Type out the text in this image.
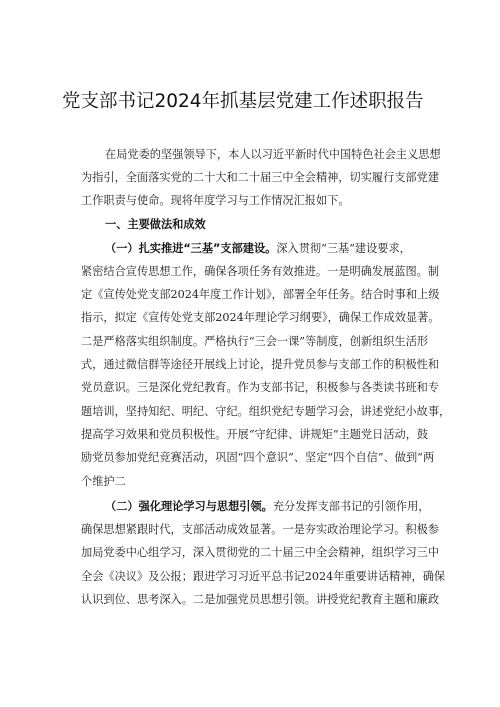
党支部书记2024年抓基层党建工作述职报告
在局党委的坚强领导下，本人以习近平新时代中国特色社会主义思想
为指引，全面落实党的二十大和二十届三中全会精神，切实履行支部党建
工作职责与使命。现将年度学习与工作情况汇报如下。
一、主要做法和成效
（一）扎实推进“三基”支部建设。深入贯彻“三基”建设要求，
紧密结合宣传思想工作，确保各项任务有效推进。一是明确发展蓝图。制
定《宣传处党支部2024年度工作计划》，部署全年任务。结合时事和上级
指示，拟定《宣传处党支部2024年理论学习纲要》，确保工作成效显著。
二是严格落实组织制度。严格执行“三会一课”等制度，创新组织生活形
式，通过微信群等途径开展线上讨论，提升党员参与支部工作的积极性和
党员意识。三是深化党纪教育。作为支部书记，积极参与各类读书班和专
题培训，坚持知纪、明纪、守纪。组织党纪专题学习会，讲述党纪小故事，
提高学习效果和党员积极性。开展“守纪律、讲规矩”主题党日活动，鼓
励党员参加党纪竞赛活动，巩固“四个意识”、坚定“四个自信”、做到“两
个维护二
（二）强化理论学习与思想引领。充分发挥支部书记的引领作用，
确保思想紧跟时代，支部活动成效显著。一是夯实政治理论学习。积极参
加局党委中心组学习，深入贯彻党的二十届三中全会精神，组织学习三中
全会《决议》及公报；跟进学习习近平总书记2024年重要讲话精神，确保
认识到位、思考深入。二是加强党员思想引领。讲授党纪教育主题和廉政
